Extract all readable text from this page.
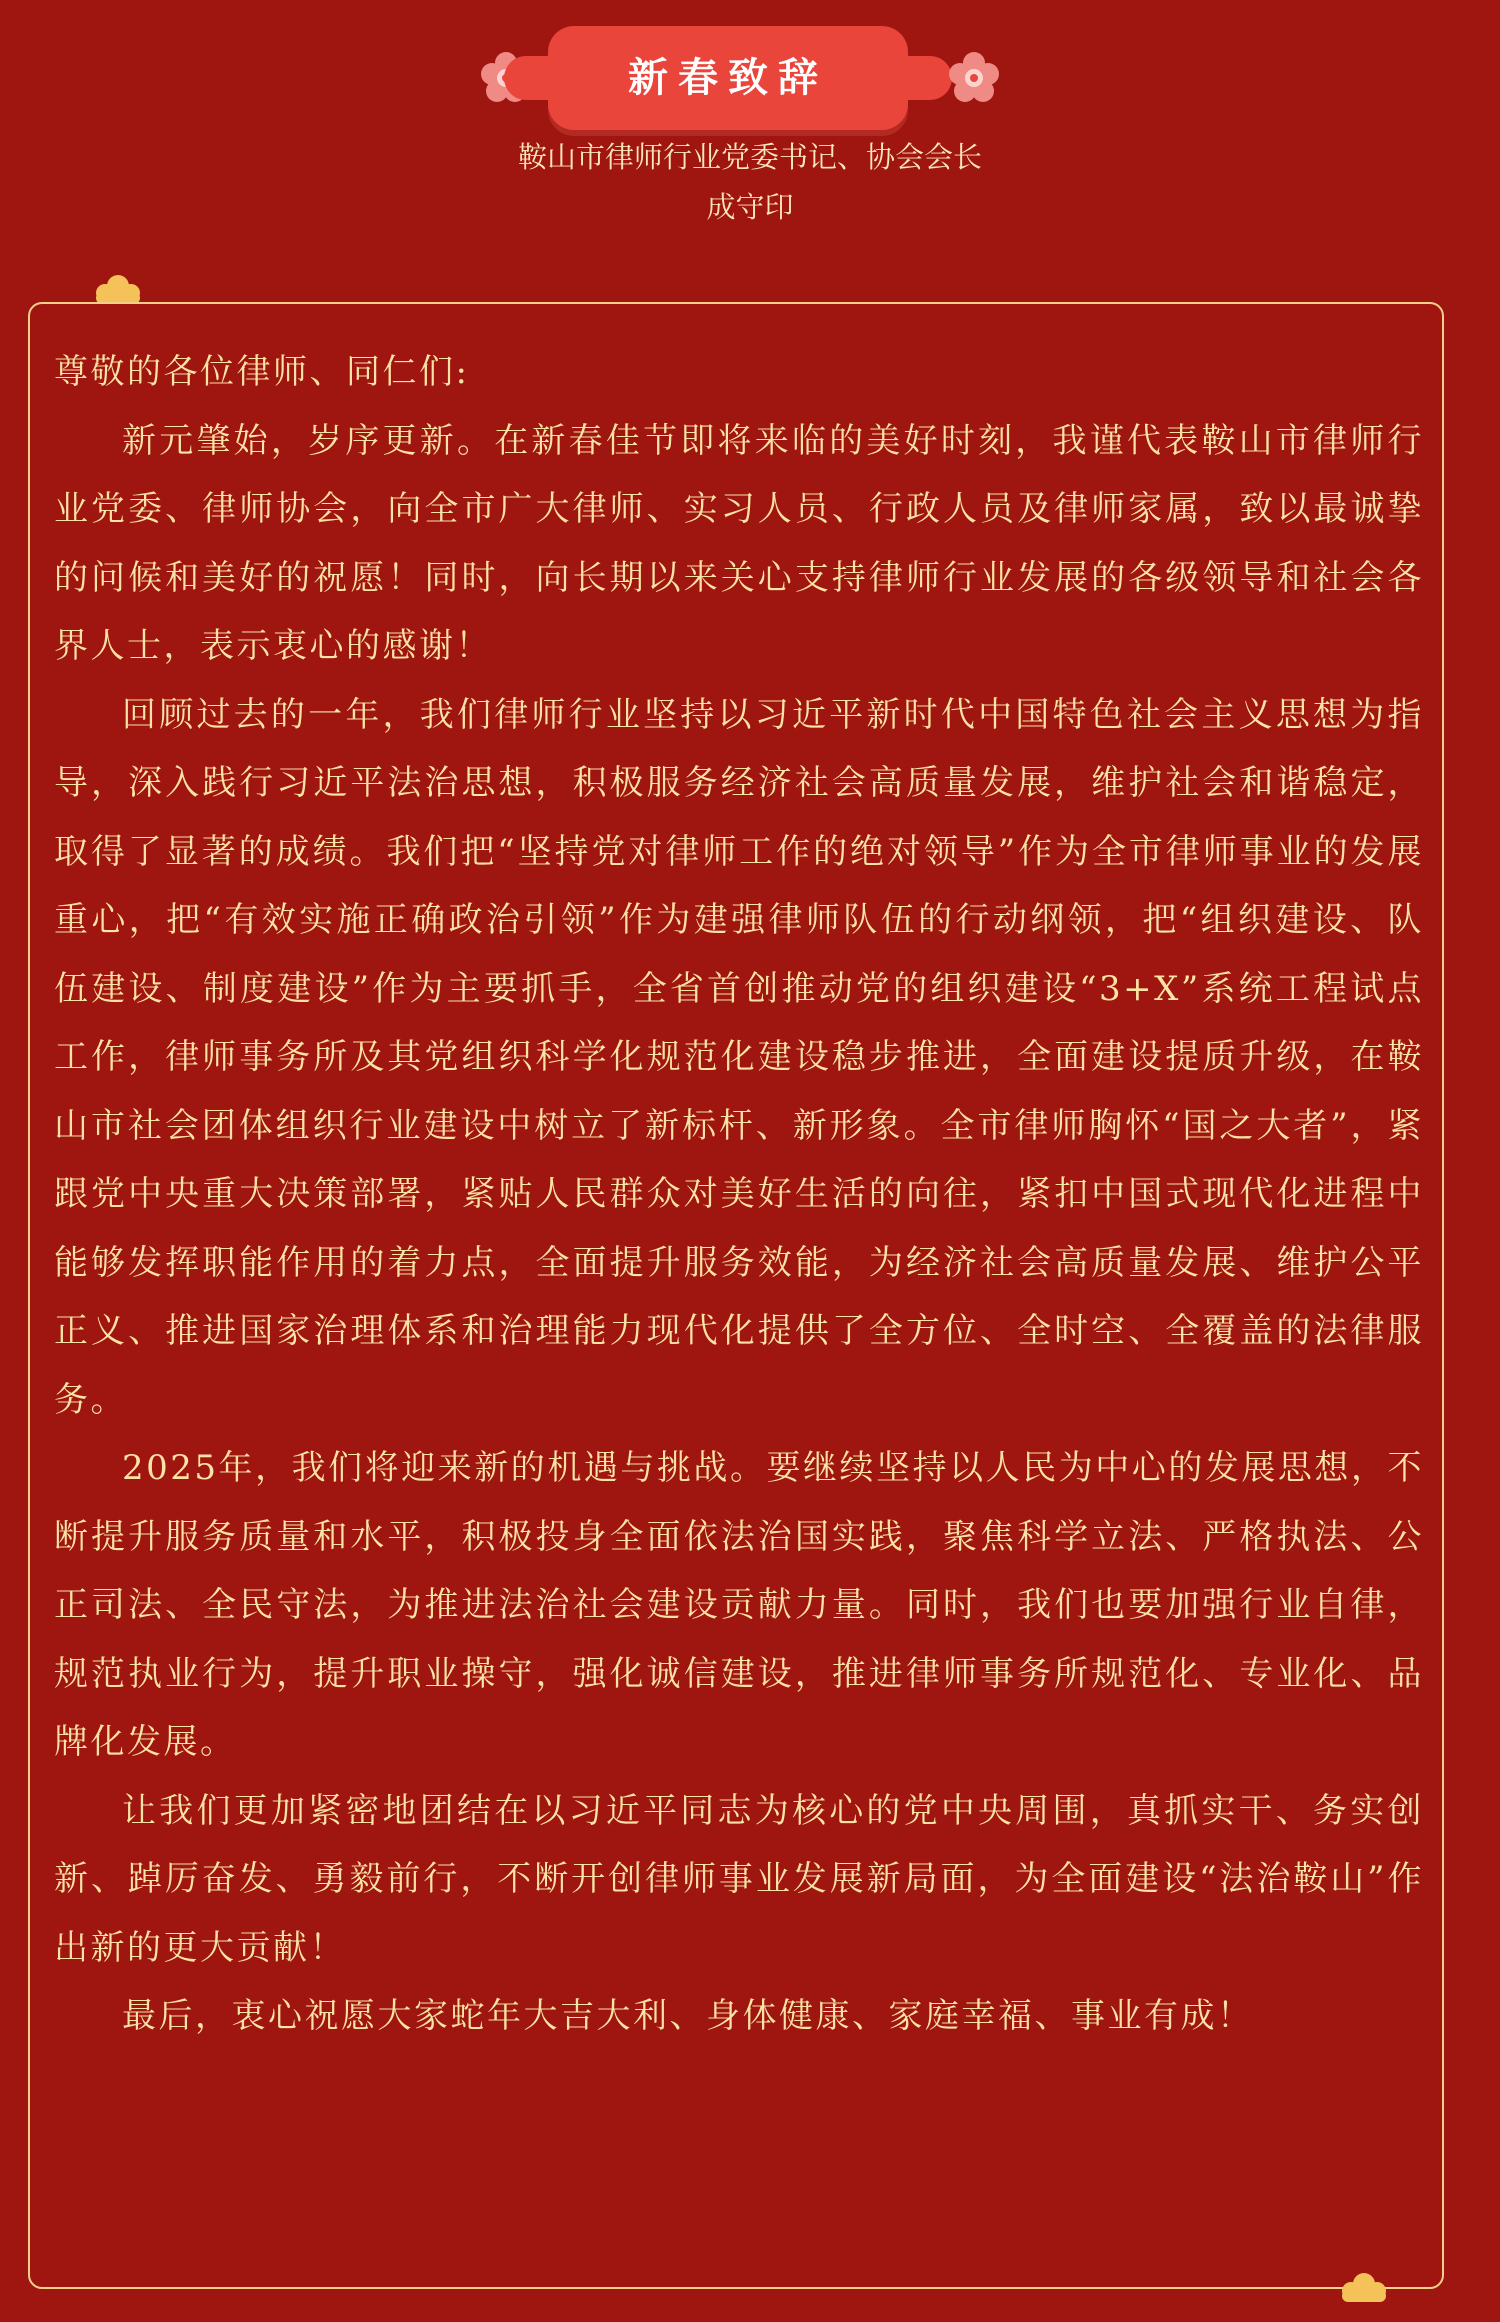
新春致辞
鞍山市律师行业党委书记、协会会长
成守印

尊敬的各位律师、同仁们:

新元肇始，岁序更新。在新春佳节即将来临的美好时刻，我谨代表鞍山市律师行业党委、律师协会，向全市广大律师、实习人员、行政人员及律师家属，致以最诚挚的问候和美好的祝愿！同时，向长期以来关心支持律师行业发展的各级领导和社会各界人士，表示衷心的感谢！

回顾过去的一年，我们律师行业坚持以习近平新时代中国特色社会主义思想为指导，深入践行习近平法治思想，积极服务经济社会高质量发展，维护社会和谐稳定，取得了显著的成绩。我们把“坚持党对律师工作的绝对领导”作为全市律师事业的发展重心，把“有效实施正确政治引领”作为建强律师队伍的行动纲领，把“组织建设、队伍建设、制度建设”作为主要抓手，全省首创推动党的组织建设“3+X”系统工程试点工作，律师事务所及其党组织科学化规范化建设稳步推进，全面建设提质升级，在鞍山市社会团体组织行业建设中树立了新标杆、新形象。全市律师胸怀“国之大者”，紧跟党中央重大决策部署，紧贴人民群众对美好生活的向往，紧扣中国式现代化进程中能够发挥职能作用的着力点，全面提升服务效能，为经济社会高质量发展、维护公平正义、推进国家治理体系和治理能力现代化提供了全方位、全时空、全覆盖的法律服务。

2025年，我们将迎来新的机遇与挑战。要继续坚持以人民为中心的发展思想，不断提升服务质量和水平，积极投身全面依法治国实践，聚焦科学立法、严格执法、公正司法、全民守法，为推进法治社会建设贡献力量。同时，我们也要加强行业自律，规范执业行为，提升职业操守，强化诚信建设，推进律师事务所规范化、专业化、品牌化发展。

让我们更加紧密地团结在以习近平同志为核心的党中央周围，真抓实干、务实创新、踔厉奋发、勇毅前行，不断开创律师事业发展新局面，为全面建设“法治鞍山”作出新的更大贡献！

最后，衷心祝愿大家蛇年大吉大利、身体健康、家庭幸福、事业有成！
